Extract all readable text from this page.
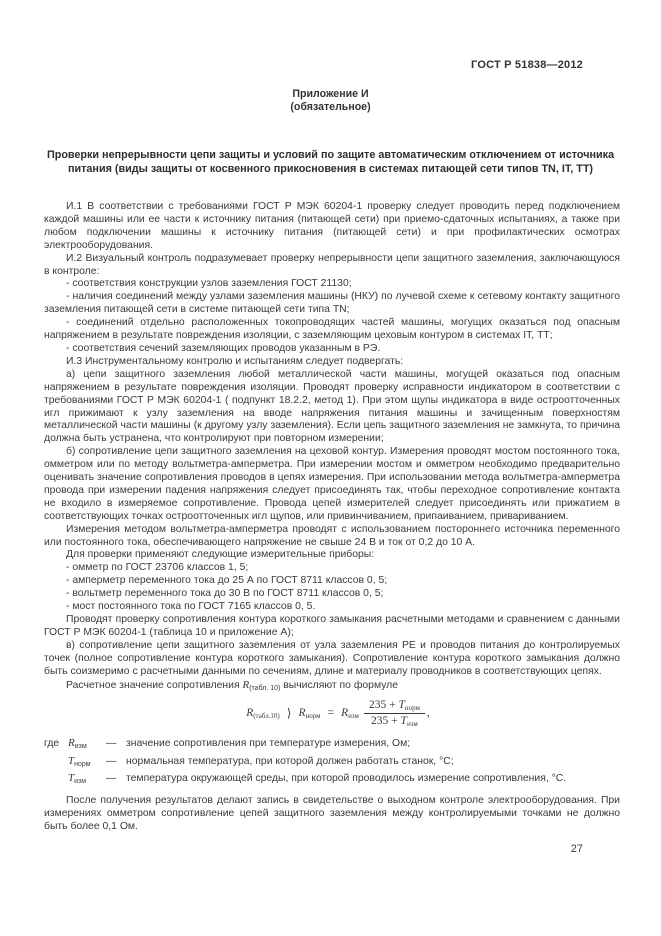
ГОСТ Р 51838—2012
Приложение И
(обязательное)
Проверки непрерывности цепи защиты и условий по защите автоматическим отключением от источника питания (виды защиты от косвенного прикосновения в системах питающей сети типов TN, IT, ТТ)

И.1 В соответствии с требованиями ГОСТ Р МЭК 60204-1 проверку следует проводить перед подключением каждой машины или ее части к источнику питания (питающей сети) при приемо-сдаточных испытаниях, а также при любом подключении машины к источнику питания (питающей сети) и при профилактических осмотрах электрооборудования.

И.2 Визуальный контроль подразумевает проверку непрерывности цепи защитного заземления, заключающуюся в контроле:

- соответствия конструкции узлов заземления ГОСТ 21130;

- наличия соединений между узлами заземления машины (НКУ) по лучевой схеме к сетевому контакту защитного заземления питающей сети в системе питающей сети типа TN;

- соединений отдельно расположенных токопроводящих частей машины, могущих оказаться под опасным напряжением в результате повреждения изоляции, с заземляющим цеховым контуром в системах IT, ТТ;

- соответствия сечений заземляющих проводов указанным в РЭ.

И.3 Инструментальному контролю и испытаниям следует подвергать:

а) цепи защитного заземления любой металлической части машины, могущей оказаться под опасным напряжением в результате повреждения изоляции. Проводят проверку исправности индикатором в соответствии с требованиями ГОСТ Р МЭК 60204-1 ( подпункт 18.2.2, метод 1). При этом щупы индикатора в виде остроотточенных игл прижимают к узлу заземления на вводе напряжения питания машины и зачищенным поверхностям металлической части машины (к другому узлу заземления). Если цепь защитного заземления не замкнута, то причина должна быть устранена, что контролируют при повторном измерении;

б) сопротивление цепи защитного заземления на цеховой контур. Измерения проводят мостом постоянного тока, омметром или по методу вольтметра-амперметра. При измерении мостом и омметром необходимо предварительно оценивать значение сопротивления проводов в цепях измерения. При использовании метода вольтметра-амперметра провода при измерении падения напряжения следует присоединять так, чтобы переходное сопротивление контакта не входило в измеряемое сопротивление. Провода цепей измерителей следует присоединять или прижатием в соответствующих точках остроотточенных игл щупов, или привинчиванием, припаиванием, привариванием.

Измерения методом вольтметра-амперметра проводят с использованием постороннего источника переменного или постоянного тока, обеспечивающего напряжение не свыше 24 В и ток от 0,2 до 10 А.

Для проверки применяют следующие измерительные приборы:

- омметр по ГОСТ 23706 классов 1, 5;

- амперметр переменного тока до 25 А по ГОСТ 8711 классов 0, 5;

- вольтметр переменного тока до 30 В по ГОСТ 8711 классов 0, 5;

- мост постоянного тока по ГОСТ 7165 классов 0, 5.

Проводят проверку сопротивления контура короткого замыкания расчетными методами и сравнением с данными ГОСТ Р МЭК 60204-1 (таблица 10 и приложение А);

в) сопротивление цепи защитного заземления от узла заземления PE и проводов питания до контролируемых точек (полное сопротивление контура короткого замыкания). Сопротивление контура короткого замыкания должно быть соизмеримо с расчетными данными по сечениям, длине и материалу проводников в соответствующих цепях.

Расчетное значение сопротивления $R_{(табл. 10)}$ вычисляют по формуле

$R_{(табл.10)}$ ⟩ $R_{норм} = R_{изм} \frac{235 + T_{норм}}{235 + T_{изм}}$ ,
где $R_{изм}$	— значение сопротивления при температуре измерения, Ом;
$T_{норм}$	— нормальная температура, при которой должен работать станок, °С;
$T_{изм}$	— температура окружающей среды, при которой проводилось измерение сопротивления, °С.

После получения результатов делают запись в свидетельстве о выходном контроле электрооборудования. При измерениях омметром сопротивление цепей защитного заземления между контролируемыми точками не должно быть более 0,1 Ом.

27
